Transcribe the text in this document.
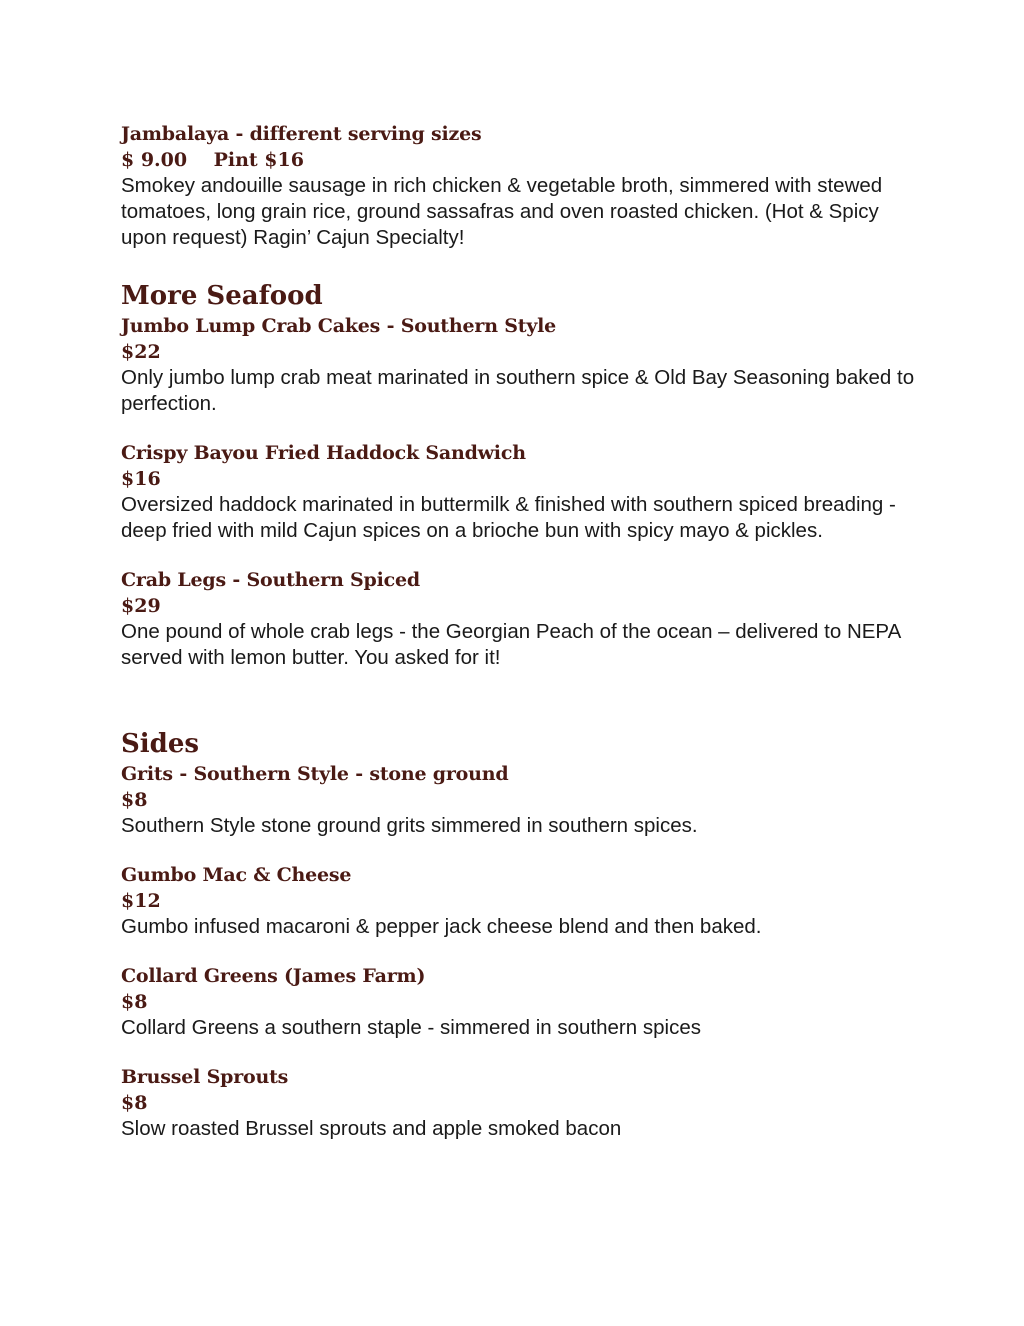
Jambalaya - different serving sizes

$ 9.00    Pint $16

Smokey andouille sausage in rich chicken & vegetable broth, simmered with stewed tomatoes, long grain rice, ground sassafras and oven roasted chicken. (Hot & Spicy upon request) Ragin’ Cajun Specialty!

More Seafood

Jumbo Lump Crab Cakes - Southern Style

$22

Only jumbo lump crab meat marinated in southern spice & Old Bay Seasoning baked to perfection.

Crispy Bayou Fried Haddock Sandwich

$16

Oversized haddock marinated in buttermilk & finished with southern spiced breading - deep fried with mild Cajun spices on a brioche bun with spicy mayo & pickles.

Crab Legs - Southern Spiced

$29

One pound of whole crab legs - the Georgian Peach of the ocean – delivered to NEPA served with lemon butter. You asked for it!

Sides

Grits - Southern Style - stone ground

$8

Southern Style stone ground grits simmered in southern spices.

Gumbo Mac & Cheese

$12

Gumbo infused macaroni & pepper jack cheese blend and then baked.

Collard Greens (James Farm)

$8

Collard Greens a southern staple - simmered in southern spices

Brussel Sprouts

$8

Slow roasted Brussel sprouts and apple smoked bacon
